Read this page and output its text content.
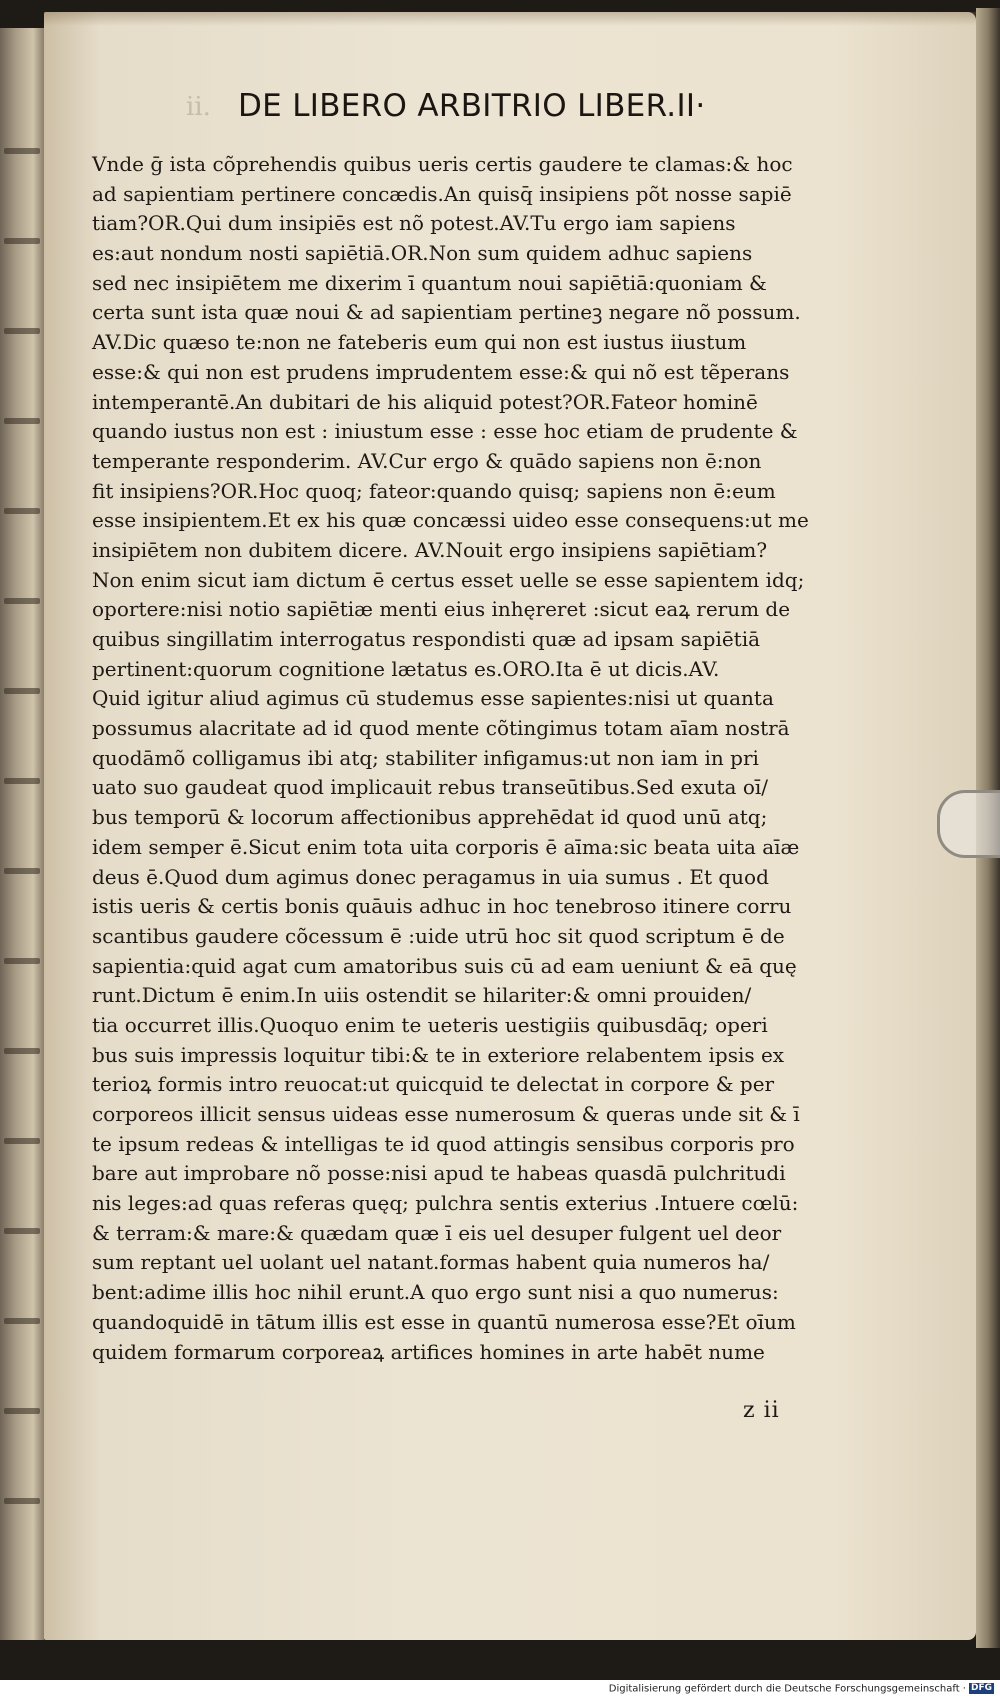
ii. DE LIBERO ARBITRIO LIBER.II·
Vnde ḡ ista cõprehendis quibus ueris certis gaudere te clamas:& hoc
ad sapientiam pertinere concædis.An quisq̄ insipiens põt nosse sapiē
tiam?OR.Qui dum insipiēs est nõ potest.AV.Tu ergo iam sapiens
es:aut nondum nosti sapiētiā.OR.Non sum quidem adhuc sapiens
sed nec insipiētem me dixerim ī quantum noui sapiētiā:quoniam &
certa sunt ista quæ noui & ad sapientiam pertineꝫ negare nõ possum.
AV.Dic quæso te:non ne fateberis eum qui non est iustus iiustum
esse:& qui non est prudens imprudentem esse:& qui nõ est tẽperans
intemperantē.An dubitari de his aliquid potest?OR.Fateor hominē
quando iustus non est : iniustum esse : esse hoc etiam de prudente &
temperante responderim. AV.Cur ergo & quādo sapiens non ē:non
fit insipiens?OR.Hoc quoq; fateor:quando quisq; sapiens non ē:eum
esse insipientem.Et ex his quæ concæssi uideo esse consequens:ut me
insipiētem non dubitem dicere. AV.Nouit ergo insipiens sapiētiam?
Non enim sicut iam dictum ē certus esset uelle se esse sapientem idq;
oportere:nisi notio sapiētiæ menti eius inhęreret :sicut eaꝝ rerum de
quibus singillatim interrogatus respondisti quæ ad ipsam sapiētiā
pertinent:quorum cognitione lætatus es.ORO.Ita ē ut dicis.AV.
Quid igitur aliud agimus cū studemus esse sapientes:nisi ut quanta
possumus alacritate ad id quod mente cõtingimus totam aīam nostrā
quodāmõ colligamus ibi atq; stabiliter infigamus:ut non iam in pri
uato suo gaudeat quod implicauit rebus transeūtibus.Sed exuta oī/
bus temporū & locorum affectionibus apprehēdat id quod unū atq;
idem semper ē.Sicut enim tota uita corporis ē aīma:sic beata uita aīæ
deus ē.Quod dum agimus donec peragamus in uia sumus . Et quod
istis ueris & certis bonis quāuis adhuc in hoc tenebroso itinere corru
scantibus gaudere cõcessum ē :uide utrū hoc sit quod scriptum ē de
sapientia:quid agat cum amatoribus suis cū ad eam ueniunt & eā quę
runt.Dictum ē enim.In uiis ostendit se hilariter:& omni prouiden/
tia occurret illis.Quoquo enim te ueteris uestigiis quibusdāq; operi
bus suis impressis loquitur tibi:& te in exteriore relabentem ipsis ex
terioꝝ formis intro reuocat:ut quicquid te delectat in corpore & per
corporeos illicit sensus uideas esse numerosum & queras unde sit & ī
te ipsum redeas & intelligas te id quod attingis sensibus corporis pro
bare aut improbare nõ posse:nisi apud te habeas quasdā pulchritudi
nis leges:ad quas referas quęq; pulchra sentis exterius .Intuere cœlū:
& terram:& mare:& quædam quæ ī eis uel desuper fulgent uel deor
sum reptant uel uolant uel natant.formas habent quia numeros ha/
bent:adime illis hoc nihil erunt.A quo ergo sunt nisi a quo numerus:
quandoquidē in tātum illis est esse in quantū numerosa esse?Et oīum
quidem formarum corporeaꝝ artifices homines in arte habēt nume
z ii
Digitalisierung gefördert durch die Deutsche Forschungsgemeinschaft · DFG
